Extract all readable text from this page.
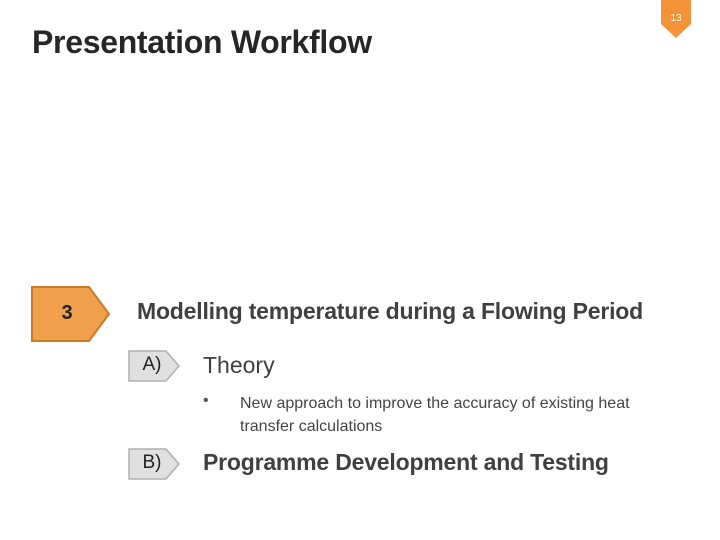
Presentation Workflow
13
3	Modelling temperature during a Flowing Period
A)	Theory
• New approach to improve the accuracy of existing heat transfer calculations
B)	Programme Development and Testing
